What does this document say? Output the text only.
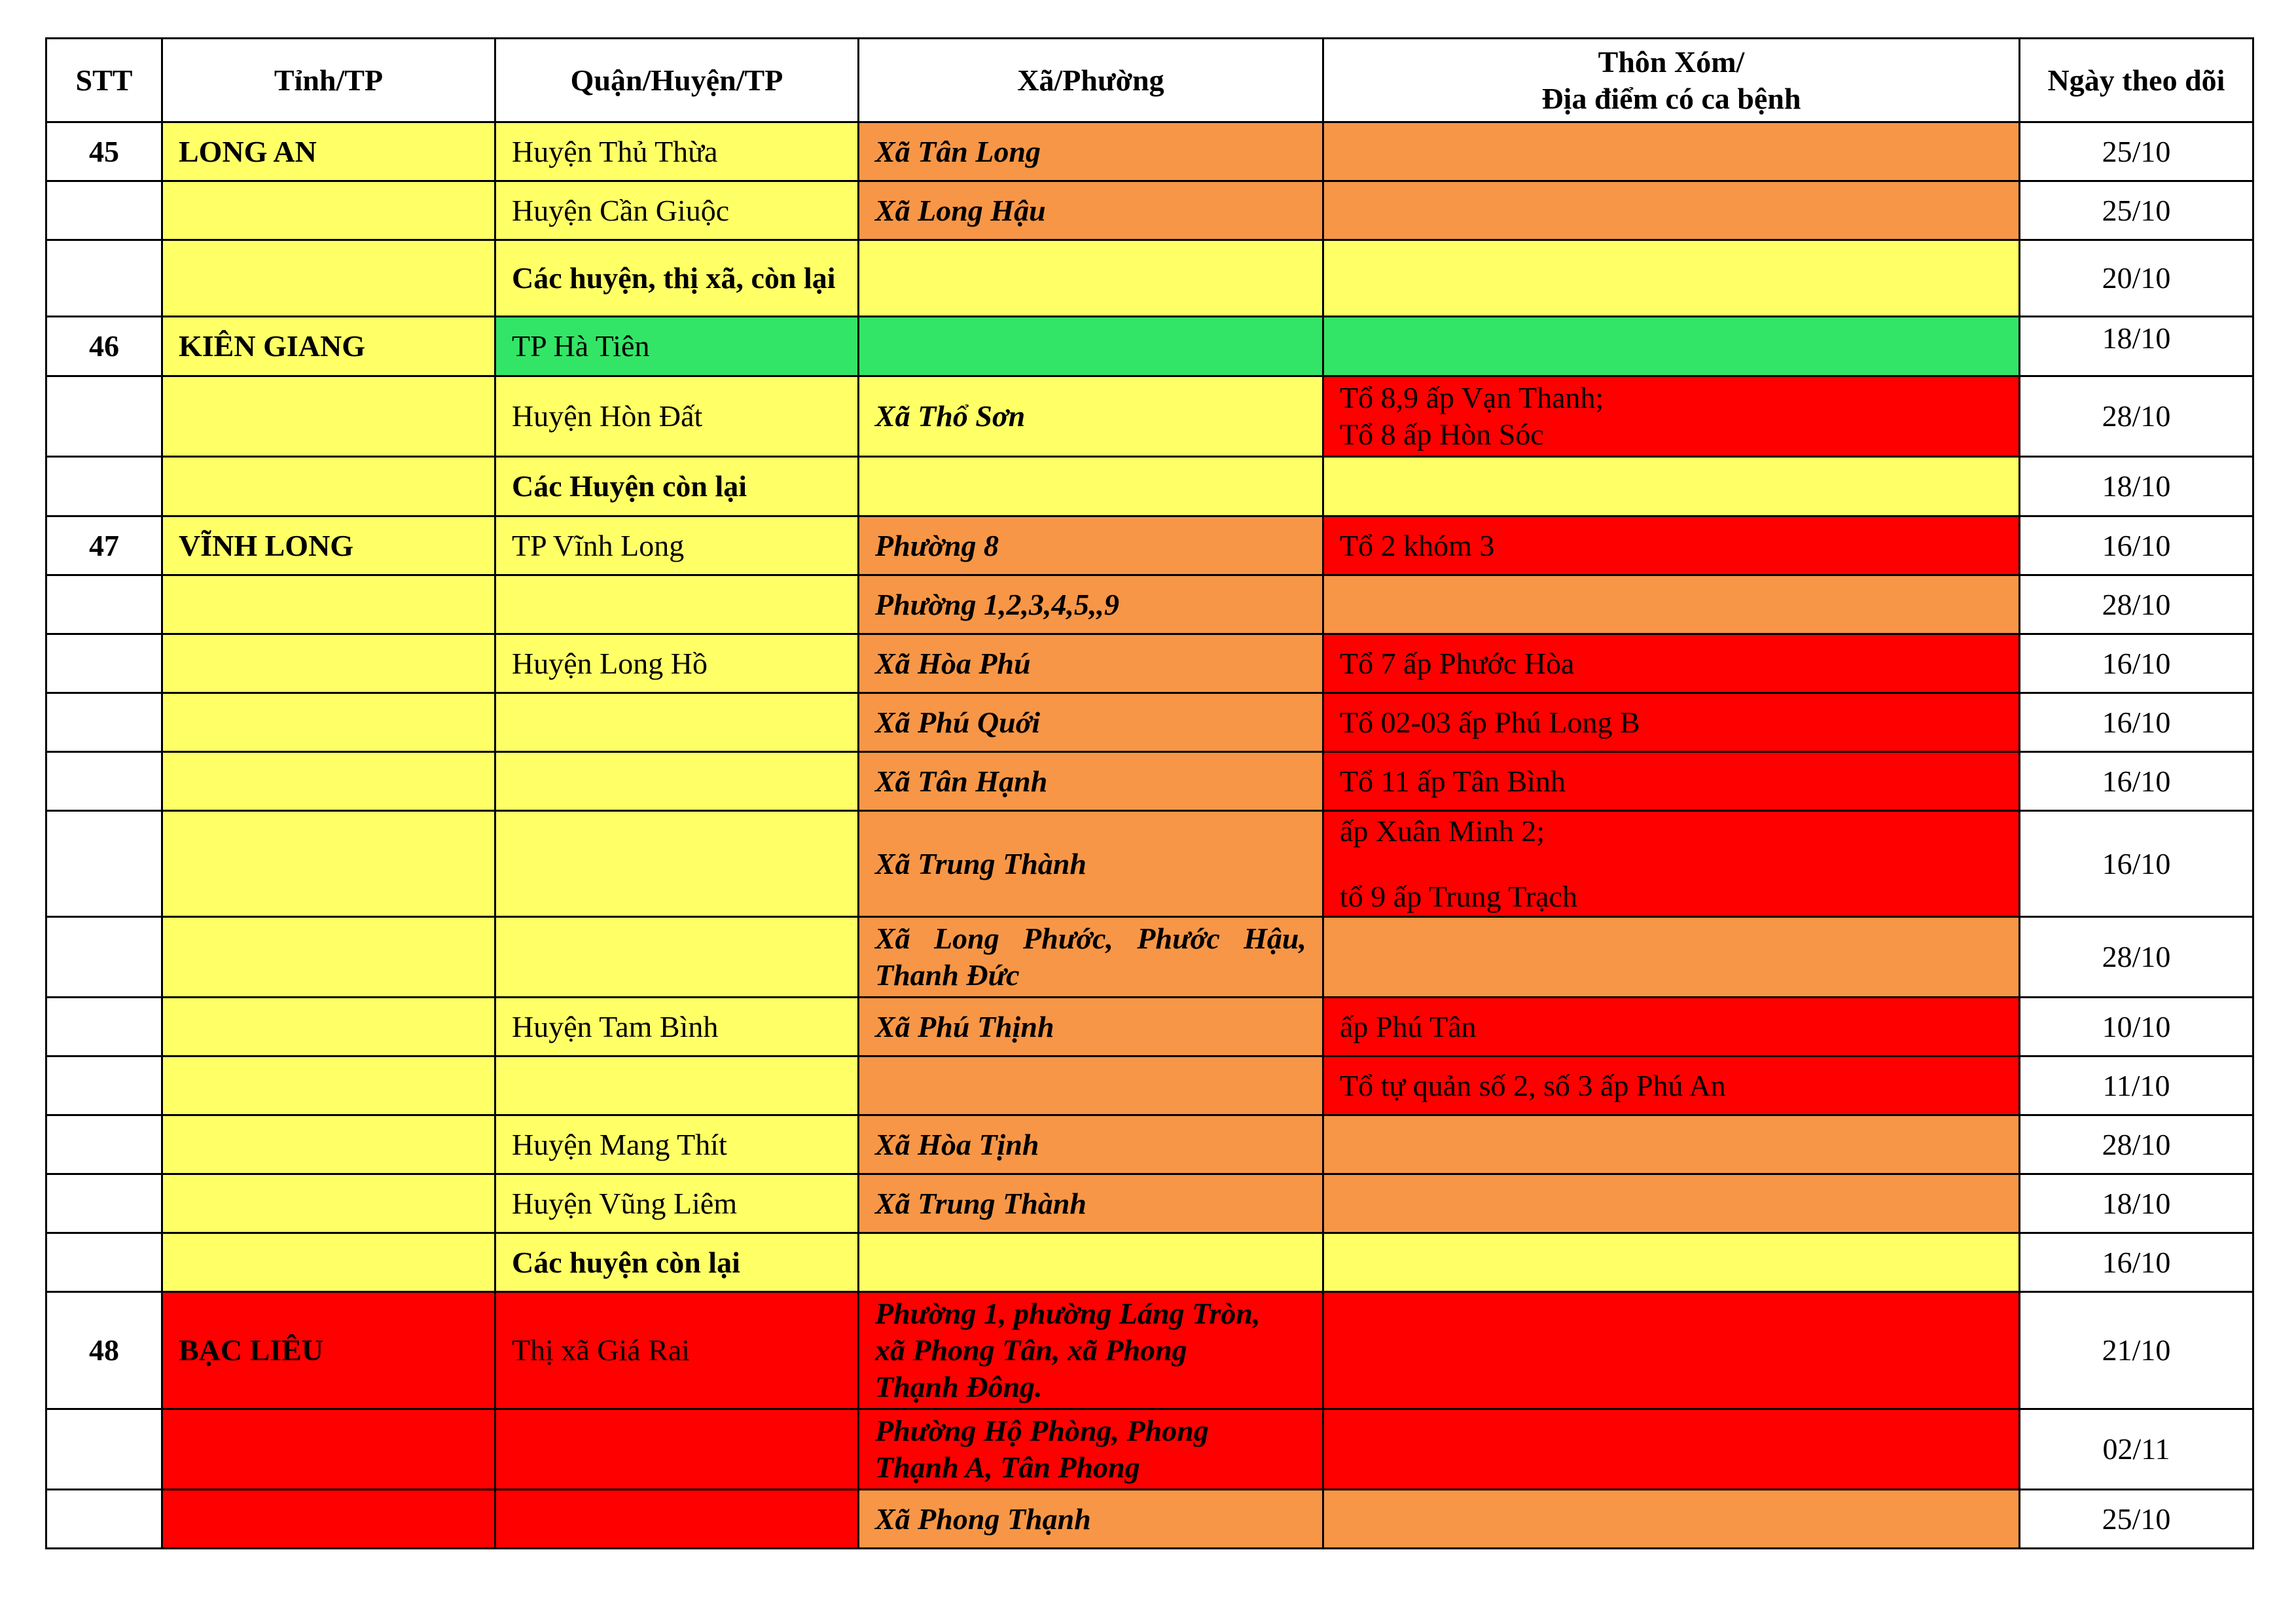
STT	Tỉnh/TP	Quận/Huyện/TP	Xã/Phường	Thôn Xóm/
Địa điểm có ca bệnh	Ngày theo dõi
45	LONG AN	Huyện Thủ Thừa	Xã Tân Long		25/10
		Huyện Cần Giuộc	Xã Long Hậu		25/10
		Các huyện, thị xã, còn lại			20/10
46	KIÊN GIANG	TP Hà Tiên			18/10
		Huyện Hòn Đất	Xã Thổ Sơn	Tổ 8,9 ấp Vạn Thanh;
Tổ 8 ấp Hòn Sóc	28/10
		Các Huyện còn lại			18/10
47	VĨNH LONG	TP Vĩnh Long	Phường 8	Tổ 2 khóm 3	16/10
			Phường 1,2,3,4,5,,9		28/10
		Huyện Long Hồ	Xã Hòa Phú	Tổ 7 ấp Phước Hòa	16/10
			Xã Phú Quới	Tổ 02-03 ấp Phú Long B	16/10
			Xã Tân Hạnh	Tổ 11 ấp Tân Bình	16/10
			Xã Trung Thành	ấp Xuân Minh 2;
tổ 9 ấp Trung Trạch	16/10

			Xã Long Phước, Phước Hậu,
Thanh Đức		28/10
		Huyện Tam Bình	Xã Phú Thịnh	ấp Phú Tân	10/10
				Tổ tự quản số 2, số 3 ấp Phú An	11/10
		Huyện Mang Thít	Xã Hòa Tịnh		28/10
		Huyện Vũng Liêm	Xã Trung Thành		18/10
		Các huyện còn lại			16/10
48	BẠC LIÊU	Thị xã Giá Rai	Phường 1, phường Láng Tròn,
xã Phong Tân, xã Phong
Thạnh Đông.		21/10

			Phường Hộ Phòng, Phong
Thạnh A, Tân Phong		02/11
			Xã Phong Thạnh		25/10
